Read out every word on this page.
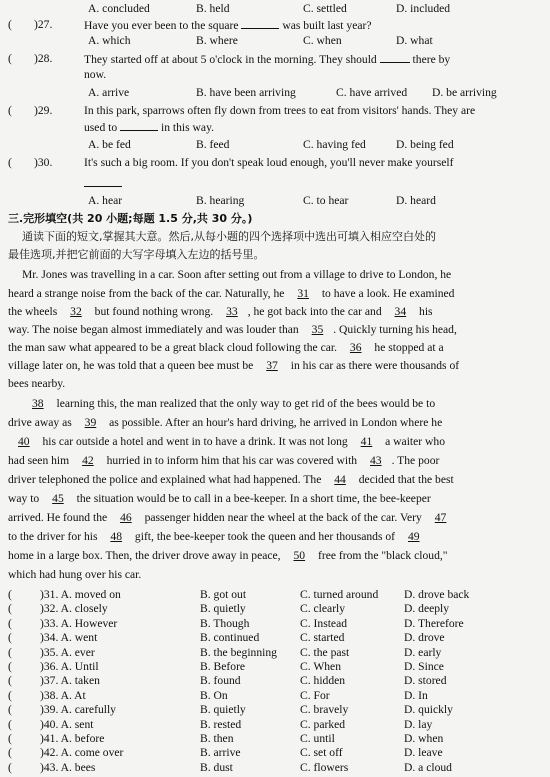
A. concluded	B. held	C. settled	D. included
( )27.	Have you ever been to the square	was built last year?
A. which	B. where	C. when	D. what
( )28.	They started off at about 5 o'clock in the morning. They should	there by
now.
A. arrive	B. have been arriving	C. have arrived D. be arriving
( )29.	In this park, sparrows often fly down from trees to eat from visitors' hands. They are
used to	in this way.
A. be fed	B. feed	C. having fed	D. being fed
( )30.	It's such a big room. If you don't speak loud enough, you'll never make yourself
A. hear	B. hearing	C. to hear	D. heard
三.完形填空(共 20 小题;每题 1.5 分,共 30 分。)
通读下面的短文,掌握其大意。然后,从每小题的四个选择项中选出可填入相应空白处的
最佳选项,并把它前面的大写字母填入左边的括号里。
Mr. Jones was travelling in a car. Soon after setting out from a village to drive to London, he
heard a strange noise from the back of the car. Naturally, he 31 to have a look. He examined
the wheels 32 but found nothing wrong. 33 , he got back into the car and 34 his
way. The noise began almost immediately and was louder than 35 . Quickly turning his head,
the man saw what appeared to be a great black cloud following the car. 36 he stopped at a
village later on, he was told that a queen bee must be 37 in his car as there were thousands of
bees nearby.
38 learning this, the man realized that the only way to get rid of the bees would be to
drive away as 39 as possible. After an hour's hard driving, he arrived in London where he
40 his car outside a hotel and went in to have a drink. It was not long 41 a waiter who
had seen him 42 hurried in to inform him that his car was covered with 43 . The poor
driver telephoned the police and explained what had happened. The 44 decided that the best
way to 45 the situation would be to call in a bee-keeper. In a short time, the bee-keeper
arrived. He found the 46 passenger hidden near the wheel at the back of the car. Very 47
to the driver for his 48 gift, the bee-keeper took the queen and her thousands of 49
home in a large box. Then, the driver drove away in peace, 50 free from the "black cloud,"
which had hung over his car.
( )31. A. moved on	B. got out	C. turned around D. drove back
( )32. A. closely	B. quietly	C. clearly	D. deeply
( )33. A. However	B. Though	C. Instead	D. Therefore
( )34. A. went	B. continued	C. started	D. drove
( )35. A. ever	B. the beginning C. the past	D. early
( )36. A. Until	B. Before	C. When	D. Since
( )37. A. taken	B. found	C. hidden	D. stored
( )38. A. At	B. On	C. For	D. In
( )39. A. carefully	B. quietly	C. bravely	D. quickly
( )40. A. sent	B. rested	C. parked	D. lay
( )41. A. before	B. then	C. until	D. when
( )42. A. come over	B. arrive	C. set off	D. leave
( )43. A. bees	B. dust	C. flowers	D. a cloud
